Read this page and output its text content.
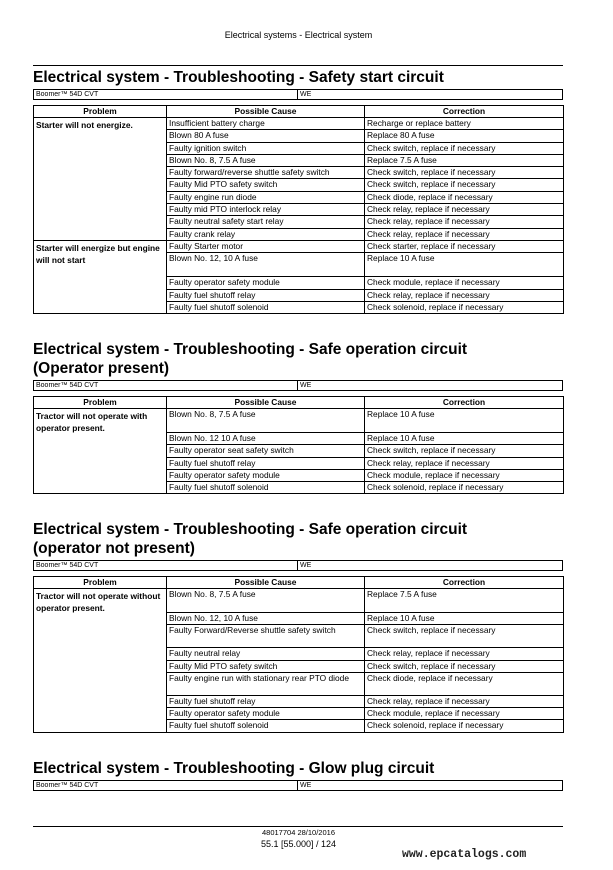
Electrical systems - Electrical system
Electrical system - Troubleshooting - Safety start circuit
Boomer™ 54D CVT	WE
Problem	Possible Cause	Correction
Starter will not energize.	Insufficient battery charge	Recharge or replace battery
	Blown 80 A fuse	Replace 80 A fuse
	Faulty ignition switch	Check switch, replace if necessary
	Blown No. 8, 7.5 A fuse	Replace 7.5 A fuse
	Faulty forward/reverse shuttle safety switch	Check switch, replace if necessary
	Faulty Mid PTO safety switch	Check switch, replace if necessary
	Faulty engine run diode	Check diode, replace if necessary
	Faulty mid PTO interlock relay	Check relay, replace if necessary
	Faulty neutral safety start relay	Check relay, replace if necessary
	Faulty crank relay	Check relay, replace if necessary
Starter will energize but engine will not start	Faulty Starter motor	Check starter, replace if necessary
	Blown No. 12, 10 A fuse	Replace 10 A fuse
	Faulty operator safety module	Check module, replace if necessary
	Faulty fuel shutoff relay	Check relay, replace if necessary
	Faulty fuel shutoff solenoid	Check solenoid, replace if necessary
Electrical system - Troubleshooting - Safe operation circuit
(Operator present)
Boomer™ 54D CVT	WE
Problem	Possible Cause	Correction
Tractor will not operate with operator present.	Blown No. 8, 7.5 A fuse	Replace 10 A fuse
	Blown No. 12 10 A fuse	Replace 10 A fuse
	Faulty operator seat safety switch	Check switch, replace if necessary
	Faulty fuel shutoff relay	Check relay, replace if necessary
	Faulty operator safety module	Check module, replace if necessary
	Faulty fuel shutoff solenoid	Check solenoid, replace if necessary
Electrical system - Troubleshooting - Safe operation circuit
(operator not present)
Boomer™ 54D CVT	WE
Problem	Possible Cause	Correction
Tractor will not operate without operator present.	Blown No. 8, 7.5 A fuse	Replace 7.5 A fuse
	Blown No. 12, 10 A fuse	Replace 10 A fuse
	Faulty Forward/Reverse shuttle safety switch	Check switch, replace if necessary
	Faulty neutral relay	Check relay, replace if necessary
	Faulty Mid PTO safety switch	Check switch, replace if necessary
	Faulty engine run with stationary rear PTO diode	Check diode, replace if necessary
	Faulty fuel shutoff relay	Check relay, replace if necessary
	Faulty operator safety module	Check module, replace if necessary
	Faulty fuel shutoff solenoid	Check solenoid, replace if necessary
Electrical system - Troubleshooting - Glow plug circuit
Boomer™ 54D CVT	WE
48017704 28/10/2016
55.1 [55.000] / 124
www.epcatalogs.com
